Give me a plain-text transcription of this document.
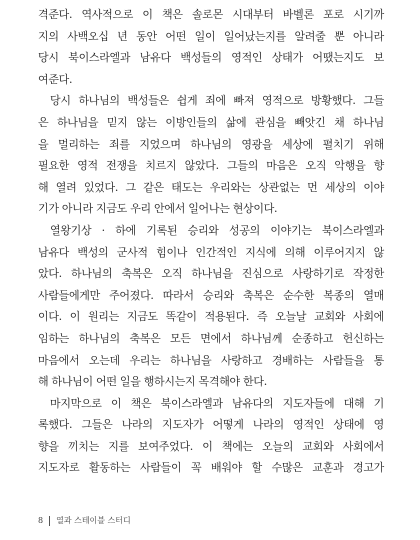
격준다. 역사적으로 이 책은 솔로몬 시대부터 바벨론 포로 시기까
지의 사백오십 년 동안 어떤 일이 일어났는지를 알려줄 뿐 아니라
당시 북이스라엘과 남유다 백성들의 영적인 상태가 어땠는지도 보
여준다.
당시 하나님의 백성들은 쉽게 죄에 빠져 영적으로 방황했다. 그들
은 하나님을 믿지 않는 이방인들의 삶에 관심을 빼앗긴 채 하나님
을 멀리하는 죄를 지었으며 하나님의 영광을 세상에 펼치기 위해
필요한 영적 전쟁을 치르지 않았다. 그들의 마음은 오직 악행을 향
해 열려 있었다. 그 같은 태도는 우리와는 상관없는 먼 세상의 이야
기가 아니라 지금도 우리 안에서 일어나는 현상이다.
열왕기상 · 하에 기록된 승리와 성공의 이야기는 북이스라엘과
남유다 백성의 군사적 힘이나 인간적인 지식에 의해 이루어지지 않
았다. 하나님의 축복은 오직 하나님을 진심으로 사랑하기로 작정한
사람들에게만 주어졌다. 따라서 승리와 축복은 순수한 복종의 열매
이다. 이 원리는 지금도 똑같이 적용된다. 즉 오늘날 교회와 사회에
임하는 하나님의 축복은 모든 면에서 하나님께 순종하고 헌신하는
마음에서 오는데 우리는 하나님을 사랑하고 경배하는 사람들을 통
해 하나님이 어떤 일을 행하시는지 목격해야 한다.
마지막으로 이 책은 북이스라엘과 남유다의 지도자들에 대해 기
록했다. 그들은 나라의 지도자가 어떻게 나라의 영적인 상태에 영
향을 끼치는 지를 보여주었다. 이 책에는 오늘의 교회와 사회에서
지도자로 활동하는 사람들이 꼭 배워야 할 수많은 교훈과 경고가
8 열과 스테이블 스터디
